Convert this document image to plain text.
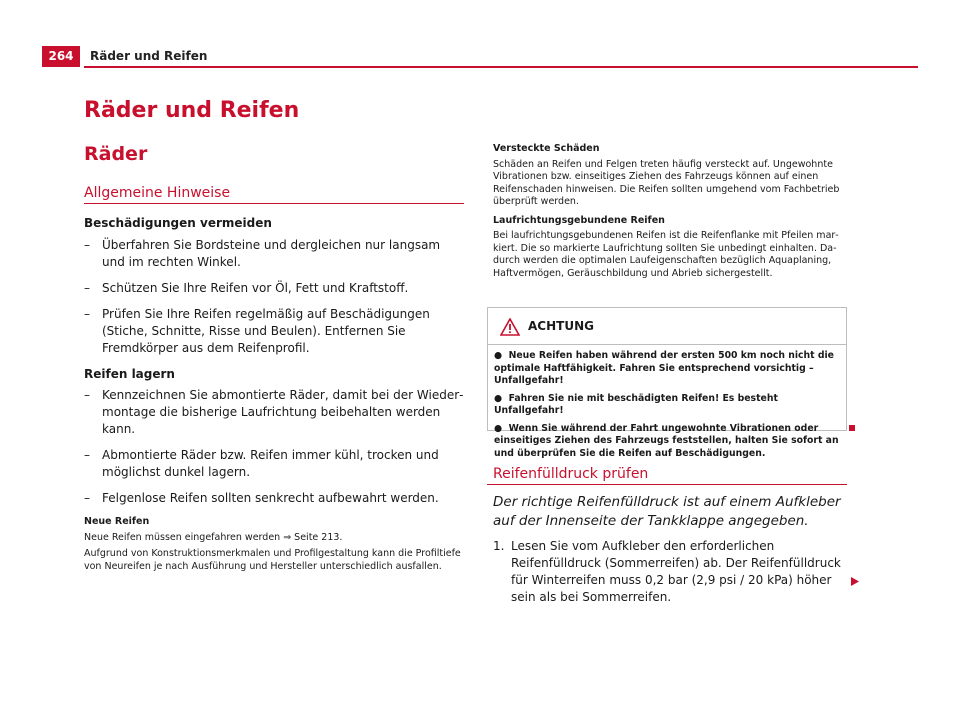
264	Räder und Reifen
Räder und Reifen
Räder
Allgemeine Hinweise
Beschädigungen vermeiden
–	Überfahren Sie Bordsteine und dergleichen nur langsam und im rechten Winkel.
–	Schützen Sie Ihre Reifen vor Öl, Fett und Kraftstoff.
–	Prüfen Sie Ihre Reifen regelmäßig auf Beschädigungen (Stiche, Schnitte, Risse und Beulen). Entfernen Sie Fremdkörper aus dem Reifenprofil.
Reifen lagern
–	Kennzeichnen Sie abmontierte Räder, damit bei der Wiedermontage die bisherige Laufrichtung beibehalten werden kann.
–	Abmontierte Räder bzw. Reifen immer kühl, trocken und möglichst dunkel lagern.
–	Felgenlose Reifen sollten senkrecht aufbewahrt werden.
Neue Reifen
Neue Reifen müssen eingefahren werden ⇒ Seite 213.
Aufgrund von Konstruktionsmerkmalen und Profilgestaltung kann die Profiltiefe von Neureifen je nach Ausführung und Hersteller unterschiedlich ausfallen.
Versteckte Schäden
Schäden an Reifen und Felgen treten häufig versteckt auf. Ungewohnte Vibrationen bzw. einseitiges Ziehen des Fahrzeugs können auf einen Reifenschaden hinweisen. Die Reifen sollten umgehend vom Fachbetrieb überprüft werden.
Laufrichtungsgebundene Reifen
Bei laufrichtungsgebundenen Reifen ist die Reifenflanke mit Pfeilen markiert. Die so markierte Laufrichtung sollten Sie unbedingt einhalten. Dadurch werden die optimalen Laufeigenschaften bezüglich Aquaplaning, Haftvermögen, Geräuschbildung und Abrieb sichergestellt.
ACHTUNG
●  Neue Reifen haben während der ersten 500 km noch nicht die optimale Haftfähigkeit. Fahren Sie entsprechend vorsichtig – Unfallgefahr!
●  Fahren Sie nie mit beschädigten Reifen! Es besteht Unfallgefahr!
●  Wenn Sie während der Fahrt ungewohnte Vibrationen oder einseitiges Ziehen des Fahrzeugs feststellen, halten Sie sofort an und überprüfen Sie die Reifen auf Beschädigungen.
Reifenfülldruck prüfen
Der richtige Reifenfülldruck ist auf einem Aufkleber auf der Innenseite der Tankklappe angegeben.
1. Lesen Sie vom Aufkleber den erforderlichen Reifenfülldruck (Sommerreifen) ab. Der Reifenfülldruck für Winterreifen muss 0,2 bar (2,9 psi / 20 kPa) höher sein als bei Sommerreifen.
